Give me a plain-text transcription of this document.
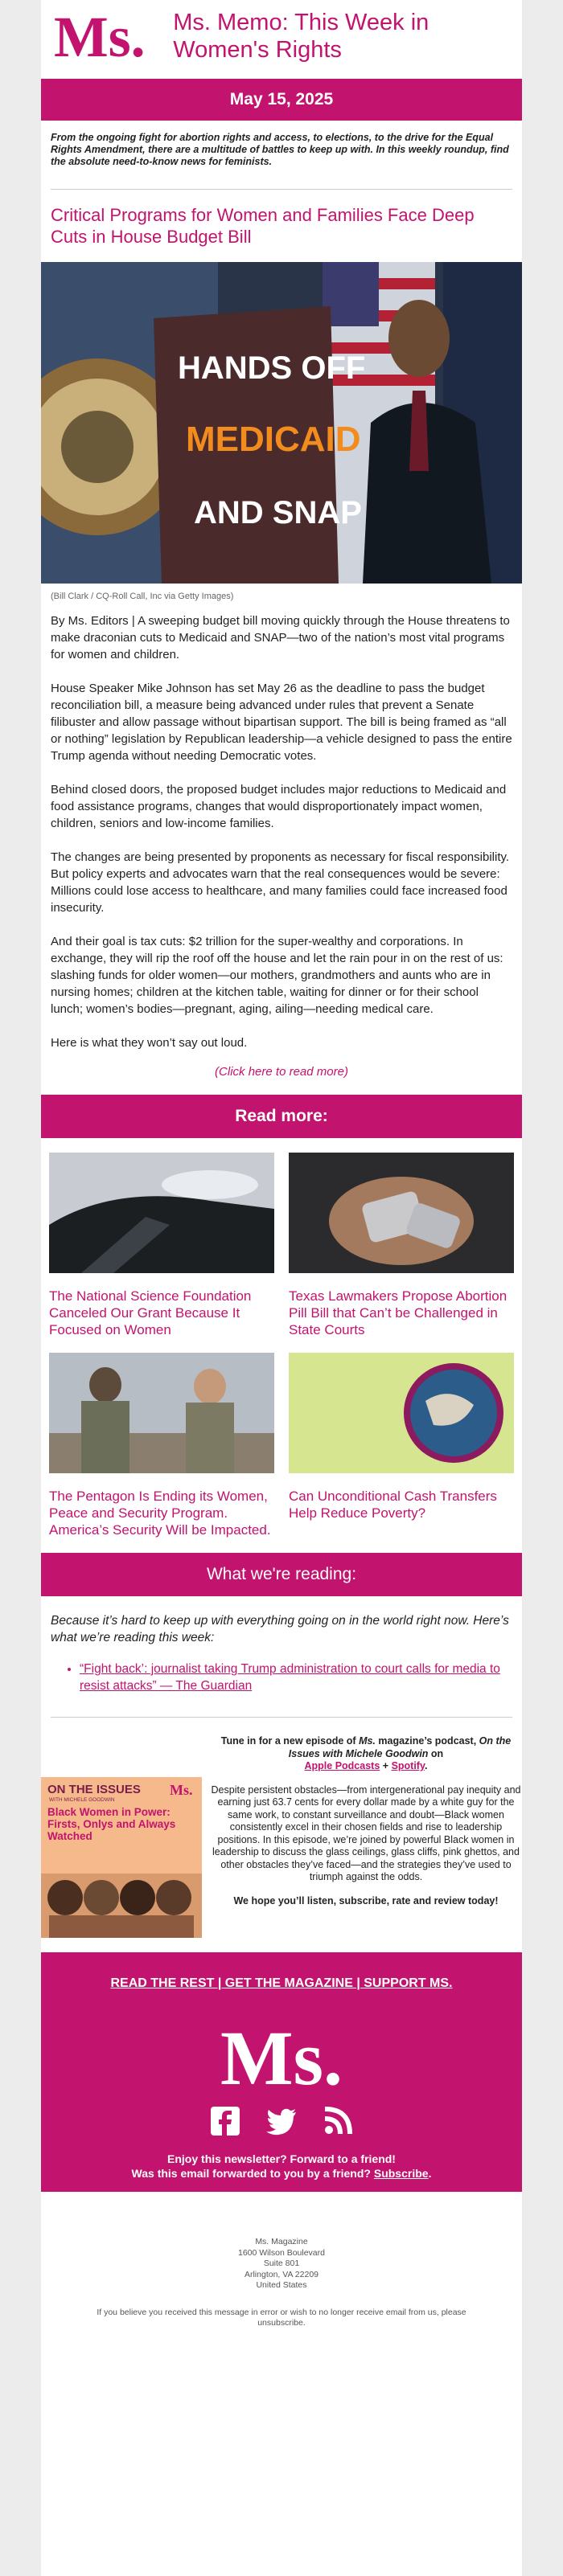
Ms. Ms. Memo: This Week in Women's Rights
May 15, 2025
From the ongoing fight for abortion rights and access, to elections, to the drive for the Equal Rights Amendment, there are a multitude of battles to keep up with. In this weekly roundup, find the absolute need-to-know news for feminists.
Critical Programs for Women and Families Face Deep Cuts in House Budget Bill
HANDS OFF
MEDICAID
AND SNAP
(Bill Clark / CQ-Roll Call, Inc via Getty Images)

By Ms. Editors | A sweeping budget bill moving quickly through the House threatens to make draconian cuts to Medicaid and SNAP—two of the nation’s most vital programs for women and children.

House Speaker Mike Johnson has set May 26 as the deadline to pass the budget reconciliation bill, a measure being advanced under rules that prevent a Senate filibuster and allow passage without bipartisan support. The bill is being framed as “all or nothing” legislation by Republican leadership—a vehicle designed to pass the entire Trump agenda without needing Democratic votes.

Behind closed doors, the proposed budget includes major reductions to Medicaid and food assistance programs, changes that would disproportionately impact women, children, seniors and low-income families.

The changes are being presented by proponents as necessary for fiscal responsibility. But policy experts and advocates warn that the real consequences would be severe: Millions could lose access to healthcare, and many families could face increased food insecurity.

And their goal is tax cuts: $2 trillion for the super-wealthy and corporations. In exchange, they will rip the roof off the house and let the rain pour in on the rest of us: slashing funds for older women—our mothers, grandmothers and aunts who are in nursing homes; children at the kitchen table, waiting for dinner or for their school lunch; women’s bodies—pregnant, aging, ailing—needing medical care.

Here is what they won’t say out loud.

(Click here to read more)
Read more:
The National Science Foundation Canceled Our Grant Because It Focused on Women
Texas Lawmakers Propose Abortion Pill Bill that Can’t be Challenged in State Courts
The Pentagon Is Ending its Women, Peace and Security Program. America’s Security Will be Impacted.
Can Unconditional Cash Transfers Help Reduce Poverty?
What we're reading:
Because it’s hard to keep up with everything going on in the world right now. Here’s what we’re reading this week:
• “Fight back’: journalist taking Trump administration to court calls for media to resist attacks” — The Guardian
ON THE ISSUES
WITH MICHELE GOODWIN
Ms.
Black Women in Power: Firsts, Onlys and Always Watched

Tune in for a new episode of Ms. magazine’s podcast, On the Issues with Michele Goodwin on
Apple Podcasts + Spotify.

Despite persistent obstacles—from intergenerational pay inequity and earning just 63.7 cents for every dollar made by a white guy for the same work, to constant surveillance and doubt—Black women consistently excel in their chosen fields and rise to leadership positions. In this episode, we’re joined by powerful Black women in leadership to discuss the glass ceilings, glass cliffs, pink ghettos, and other obstacles they’ve faced—and the strategies they’ve used to triumph against the odds.

We hope you’ll listen, subscribe, rate and review today!

READ THE REST | GET THE MAGAZINE | SUPPORT MS.
Ms.
Enjoy this newsletter? Forward to a friend!
Was this email forwarded to you by a friend? Subscribe.
Ms. Magazine
1600 Wilson Boulevard
Suite 801
Arlington, VA 22209
United States
If you believe you received this message in error or wish to no longer receive email from us, please unsubscribe.
